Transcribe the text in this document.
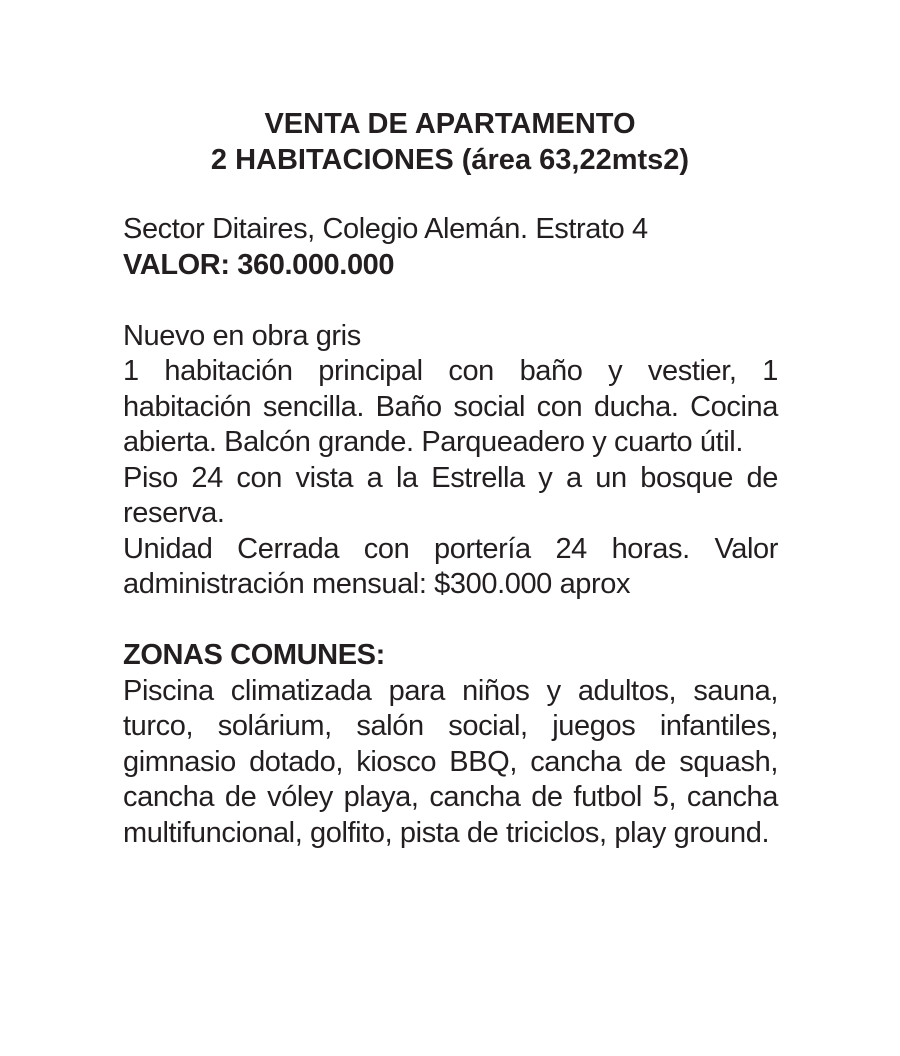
VENTA DE APARTAMENTO
2 HABITACIONES (área 63,22mts2)
Sector Ditaires, Colegio Alemán. Estrato 4
VALOR: 360.000.000
Nuevo en obra gris
1 habitación principal con baño y vestier, 1 habitación sencilla. Baño social con ducha. Cocina abierta. Balcón grande. Parqueadero y cuarto útil.
Piso 24 con vista a la Estrella y a un bosque de reserva.
Unidad Cerrada con portería 24 horas. Valor administración mensual: $300.000 aprox
ZONAS COMUNES:
Piscina climatizada para niños y adultos, sauna, turco, solárium, salón social, juegos infantiles, gimnasio dotado, kiosco BBQ, cancha de squash, cancha de vóley playa, cancha de futbol 5, cancha multifuncional, golfito, pista de triciclos, play ground.
